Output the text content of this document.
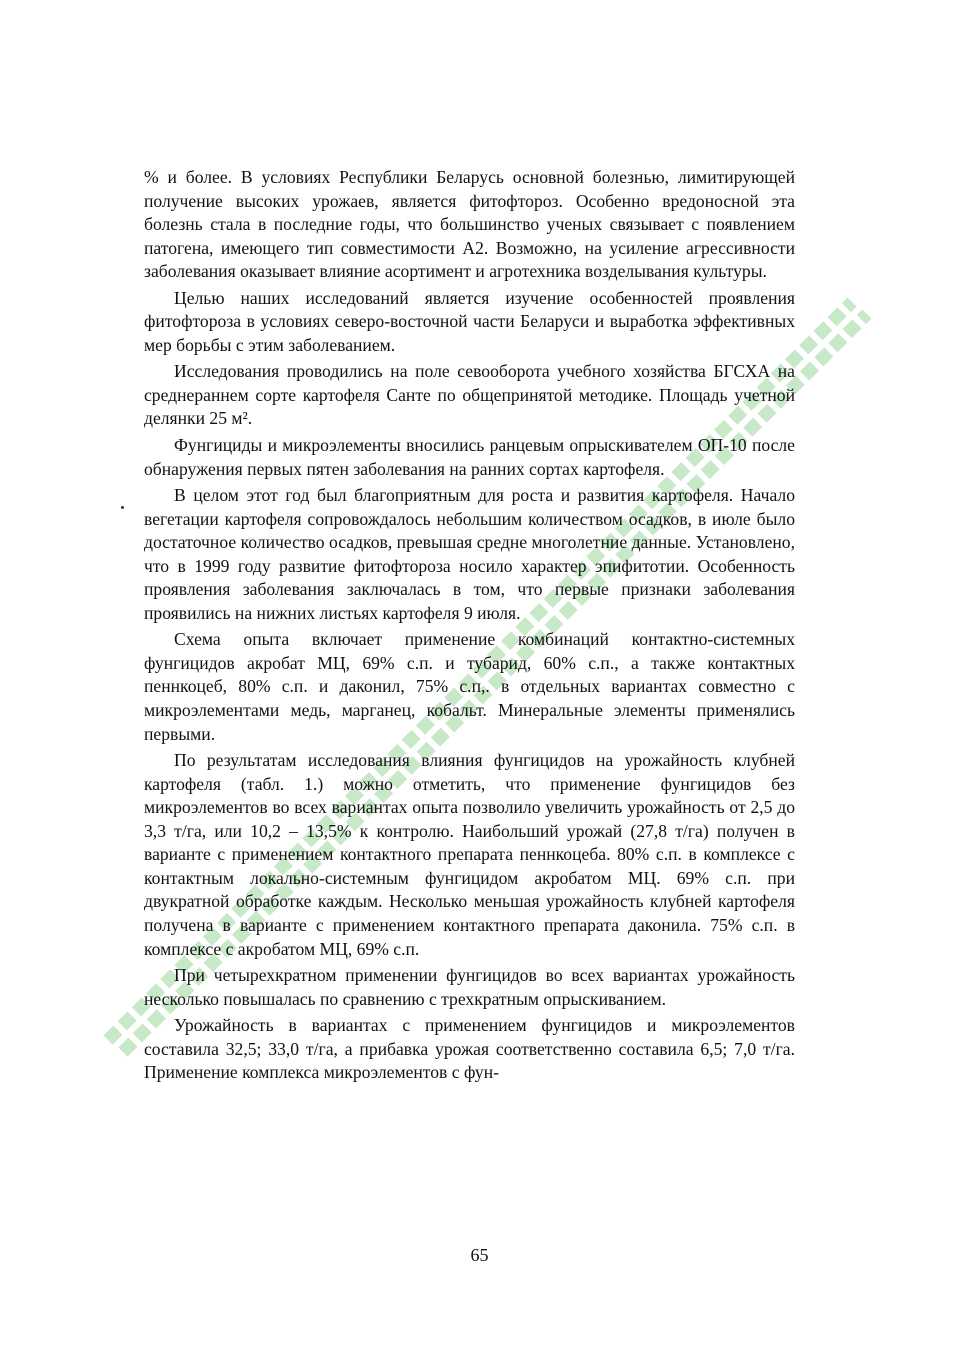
% и более. В условиях Республики Беларусь основной болезнью, лимитирующей получение высоких урожаев, является фитофтороз. Особенно вредоносной эта болезнь стала в последние годы, что большинство ученых связывает с появлением патогена, имеющего тип совместимости А2. Возможно, на усиление агрессивности заболевания оказывает влияние асортимент и агротехника возделывания культуры.

Целью наших исследований является изучение особенностей проявления фитофтороза в условиях северо-восточной части Беларуси и выработка эффективных мер борьбы с этим заболеванием.

Исследования проводились на поле севооборота учебного хозяйства БГСХА на среднераннем сорте картофеля Санте по общепринятой методике. Площадь учетной делянки 25 м².

Фунгициды и микроэлементы вносились ранцевым опрыскивателем ОП-10 после обнаружения первых пятен заболевания на ранних сортах картофеля.

В целом этот год был благоприятным для роста и развития картофеля. Начало вегетации картофеля сопровождалось небольшим количеством осадков, в июле было достаточное количество осадков, превышая средне многолетние данные. Установлено, что в 1999 году развитие фитофтороза носило характер эпифитотии. Особенность проявления заболевания заключалась в том, что первые признаки заболевания проявились на нижних листьях картофеля 9 июля.

Схема опыта включает применение комбинаций контактно-системных фунгицидов акробат МЦ, 69% с.п. и тубарид, 60% с.п., а также контактных пеннкоцеб, 80% с.п. и даконил, 75% с.п,. в отдельных вариантах совместно с микроэлементами медь, марганец, кобальт. Минеральные элементы применялись первыми.

По результатам исследования влияния фунгицидов на урожайность клубней картофеля (табл. 1.) можно отметить, что применение фунгицидов без микроэлементов во всех вариантах опыта позволило увеличить урожайность от 2,5 до 3,3 т/га, или 10,2 – 13,5% к контролю. Наибольший урожай (27,8 т/га) получен в варианте с применением контактного препарата пеннкоцеба. 80% с.п. в комплексе с контактным локально-системным фунгицидом акробатом МЦ. 69% с.п. при двукратной обработке каждым. Несколько меньшая урожайность клубней картофеля получена в варианте с применением контактного препарата даконила. 75% с.п. в комплексе с акробатом МЦ, 69% с.п.

При четырехкратном применении фунгицидов во всех вариантах урожайность несколько повышалась по сравнению с трехкратным опрыскиванием.

Урожайность в вариантах с применением фунгицидов и микроэлементов составила 32,5; 33,0 т/га, а прибавка урожая соответственно составила 6,5; 7,0 т/га. Применение комплекса микроэлементов с фун-

65
